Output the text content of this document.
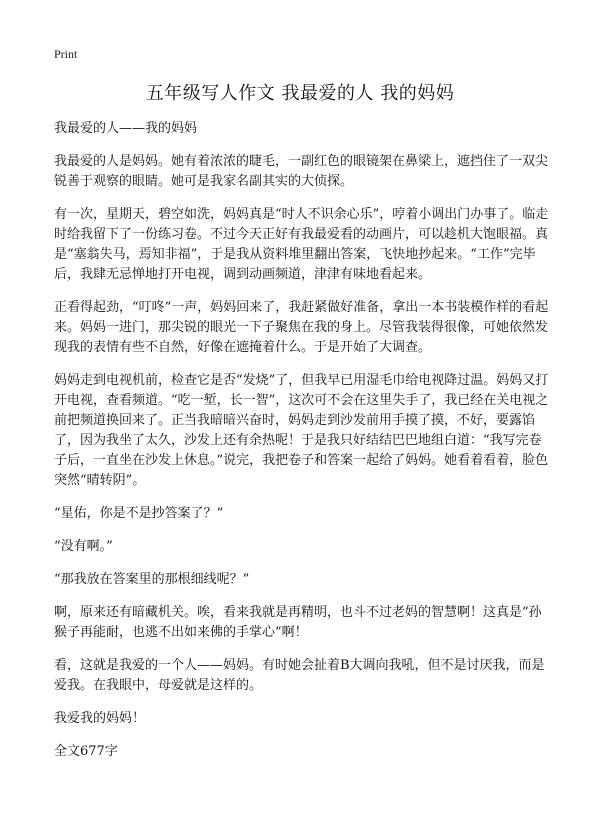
Print
五年级写人作文 我最爱的人 我的妈妈

我最爱的人——我的妈妈

我最爱的人是妈妈。她有着浓浓的睫毛，一副红色的眼镜架在鼻梁上，遮挡住了一双尖锐善于观察的眼睛。她可是我家名副其实的大侦探。

有一次，星期天，碧空如洗，妈妈真是“时人不识余心乐”，哼着小调出门办事了。临走时给我留下了一份练习卷。不过今天正好有我最爱看的动画片，可以趁机大饱眼福。真是“塞翁失马，焉知非福”，于是我从资料堆里翻出答案，飞快地抄起来。“工作”完毕后，我肆无忌惮地打开电视，调到动画频道，津津有味地看起来。

正看得起劲，“叮咚”一声，妈妈回来了，我赶紧做好准备，拿出一本书装模作样的看起来。妈妈一进门，那尖锐的眼光一下子聚焦在我的身上。尽管我装得很像，可她依然发现我的表情有些不自然，好像在遮掩着什么。于是开始了大调查。

妈妈走到电视机前，检查它是否“发烧”了，但我早已用湿毛巾给电视降过温。妈妈又打开电视，查看频道。“吃一堑，长一智”，这次可不会在这里失手了，我已经在关电视之前把频道换回来了。正当我暗暗兴奋时，妈妈走到沙发前用手摸了摸，不好，要露馅了，因为我坐了太久，沙发上还有余热呢！于是我只好结结巴巴地组白道：“我写完卷子后，一直坐在沙发上休息。”说完，我把卷子和答案一起给了妈妈。她看着看着，脸色突然“晴转阴”。

“星佑，你是不是抄答案了？”

“没有啊。”

“那我放在答案里的那根细线呢？”

啊，原来还有暗藏机关。唉，看来我就是再精明，也斗不过老妈的智慧啊！这真是“孙猴子再能耐，也逃不出如来佛的手掌心”啊！

看，这就是我爱的一个人——妈妈。有时她会扯着B大调向我吼，但不是讨厌我，而是爱我。在我眼中，母爱就是这样的。

我爱我的妈妈！

全文677字
